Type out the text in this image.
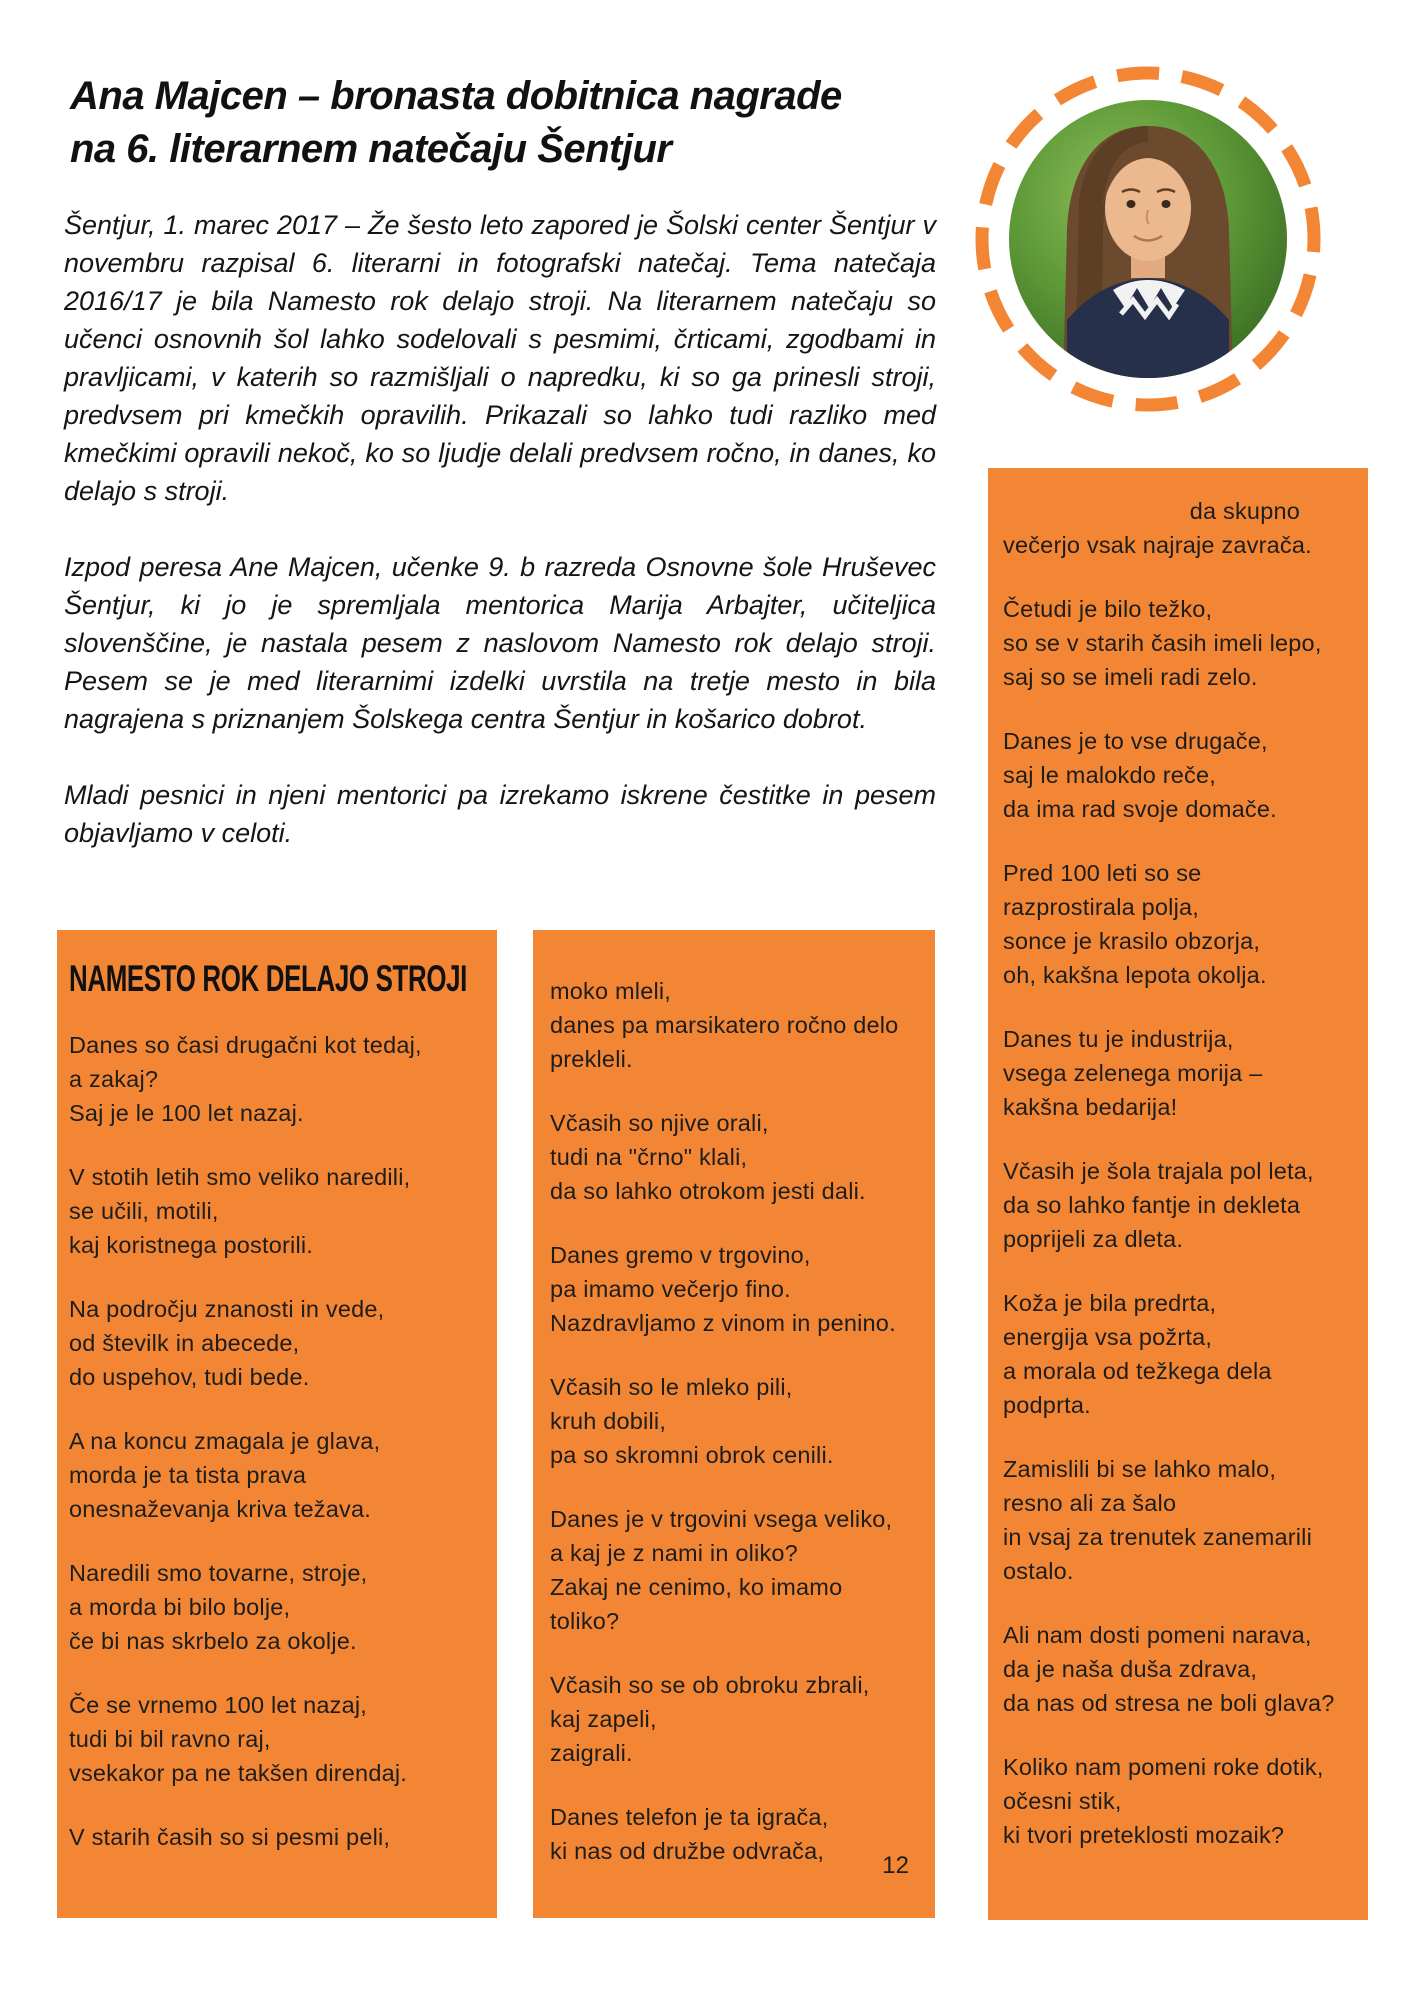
Ana Majcen – bronasta dobitnica nagrade
na 6. literarnem natečaju Šentjur

Šentjur, 1. marec 2017 – Že šesto leto zapored je Šolski center Šentjur v novembru razpisal 6. literarni in fotografski natečaj. Tema natečaja 2016/17 je bila Namesto rok delajo stroji. Na literarnem natečaju so učenci osnovnih šol lahko sodelovali s pesmimi, črticami, zgodbami in pravljicami, v katerih so razmišljali o napredku, ki so ga prinesli stroji, predvsem pri kmečkih opravilih. Prikazali so lahko tudi razliko med kmečkimi opravili nekoč, ko so ljudje delali predvsem ročno, in danes, ko delajo s stroji.

Izpod peresa Ane Majcen, učenke 9. b razreda Osnovne šole Hruševec Šentjur, ki jo je spremljala mentorica Marija Arbajter, učiteljica slovenščine, je nastala pesem z naslovom Namesto rok delajo stroji. Pesem se je med literarnimi izdelki uvrstila na tretje mesto in bila nagrajena s priznanjem Šolskega centra Šentjur in košarico dobrot.

Mladi pesnici in njeni mentorici pa izrekamo iskrene čestitke in pesem objavljamo v celoti.

NAMESTO ROK DELAJO STROJI
Danes so časi drugačni kot tedaj,
a zakaj?
Saj je le 100 let nazaj.
V stotih letih smo veliko naredili,
se učili, motili,
kaj koristnega postorili.
Na področju znanosti in vede,
od številk in abecede,
do uspehov, tudi bede.
A na koncu zmagala je glava,
morda je ta tista prava
onesnaževanja kriva težava.
Naredili smo tovarne, stroje,
a morda bi bilo bolje,
če bi nas skrbelo za okolje.
Če se vrnemo 100 let nazaj,
tudi bi bil ravno raj,
vsekakor pa ne takšen direndaj.
V starih časih so si pesmi peli,
moko mleli,
danes pa marsikatero ročno delo
prekleli.
Včasih so njive orali,
tudi na "črno" klali,
da so lahko otrokom jesti dali.
Danes gremo v trgovino,
pa imamo večerjo fino.
Nazdravljamo z vinom in penino.
Včasih so le mleko pili,
kruh dobili,
pa so skromni obrok cenili.
Danes je v trgovini vsega veliko,
a kaj je z nami in oliko?
Zakaj ne cenimo, ko imamo
toliko?
Včasih so se ob obroku zbrali,
kaj zapeli,
zaigrali.
Danes telefon je ta igrača,
ki nas od družbe odvrača,
12
da skupno
večerjo vsak najraje zavrača.
Četudi je bilo težko,
so se v starih časih imeli lepo,
saj so se imeli radi zelo.
Danes je to vse drugače,
saj le malokdo reče,
da ima rad svoje domače.
Pred 100 leti so se
razprostirala polja,
sonce je krasilo obzorja,
oh, kakšna lepota okolja.
Danes tu je industrija,
vsega zelenega morija –
kakšna bedarija!
Včasih je šola trajala pol leta,
da so lahko fantje in dekleta
poprijeli za dleta.
Koža je bila predrta,
energija vsa požrta,
a morala od težkega dela
podprta.
Zamislili bi se lahko malo,
resno ali za šalo
in vsaj za trenutek zanemarili
ostalo.
Ali nam dosti pomeni narava,
da je naša duša zdrava,
da nas od stresa ne boli glava?
Koliko nam pomeni roke dotik,
očesni stik,
ki tvori preteklosti mozaik?
